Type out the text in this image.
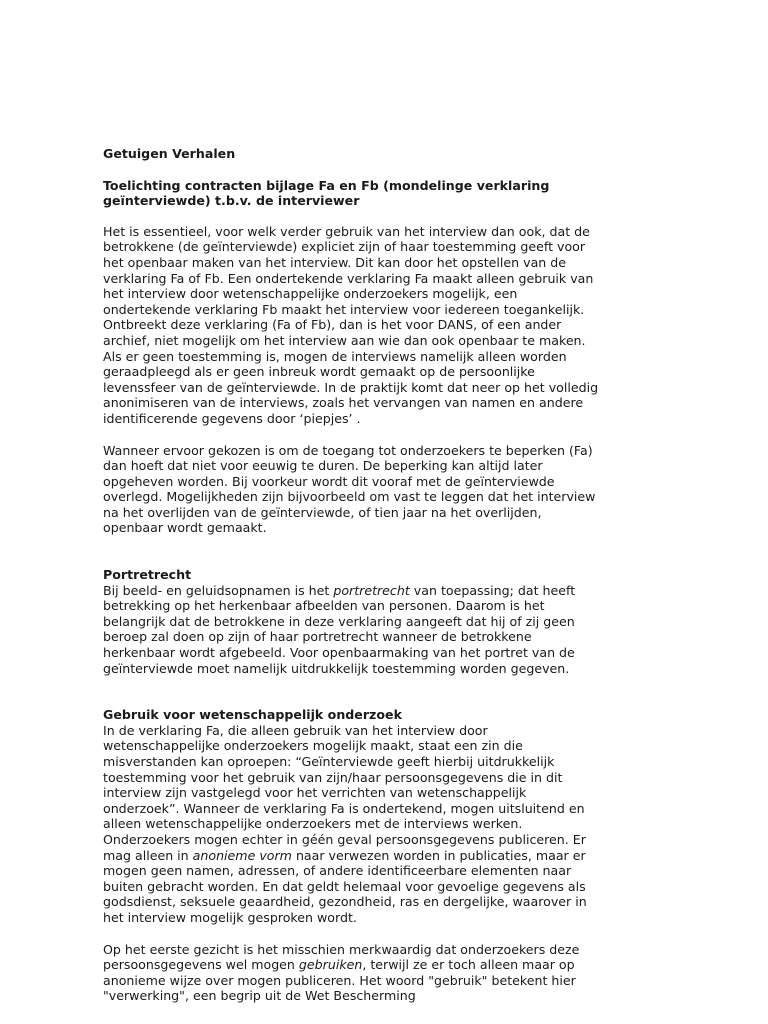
Getuigen Verhalen
Toelichting contracten bijlage Fa en Fb (mondelinge verklaring geïnterviewde) t.b.v. de interviewer

Het is essentieel, voor welk verder gebruik van het interview dan ook, dat de betrokkene (de geïnterviewde) expliciet zijn of haar toestemming geeft voor het openbaar maken van het interview. Dit kan door het opstellen van de verklaring Fa of Fb. Een ondertekende verklaring Fa maakt alleen gebruik van het interview door wetenschappelijke onderzoekers mogelijk, een ondertekende verklaring Fb maakt het interview voor iedereen toegankelijk. Ontbreekt deze verklaring (Fa of Fb), dan is het voor DANS, of een ander archief, niet mogelijk om het interview aan wie dan ook openbaar te maken. Als er geen toestemming is, mogen de interviews namelijk alleen worden geraadpleegd als er geen inbreuk wordt gemaakt op de persoonlijke levenssfeer van de geïnterviewde. In de praktijk komt dat neer op het volledig anonimiseren van de interviews, zoals het vervangen van namen en andere identificerende gegevens door ‘piepjes’ .

Wanneer ervoor gekozen is om de toegang tot onderzoekers te beperken (Fa) dan hoeft dat niet voor eeuwig te duren. De beperking kan altijd later opgeheven worden. Bij voorkeur wordt dit vooraf met de geïnterviewde overlegd. Mogelijkheden zijn bijvoorbeeld om vast te leggen dat het interview na het overlijden van de geïnterviewde, of tien jaar na het overlijden, openbaar wordt gemaakt.

Portretrecht

Bij beeld- en geluidsopnamen is het portretrecht van toepassing; dat heeft betrekking op het herkenbaar afbeelden van personen. Daarom is het belangrijk dat de betrokkene in deze verklaring aangeeft dat hij of zij geen beroep zal doen op zijn of haar portretrecht wanneer de betrokkene herkenbaar wordt afgebeeld. Voor openbaarmaking van het portret van de geïnterviewde moet namelijk uitdrukkelijk toestemming worden gegeven.

Gebruik voor wetenschappelijk onderzoek

In de verklaring Fa, die alleen gebruik van het interview door wetenschappelijke onderzoekers mogelijk maakt, staat een zin die misverstanden kan oproepen: “Geïnterviewde geeft hierbij uitdrukkelijk toestemming voor het gebruik van zijn/haar persoonsgegevens die in dit interview zijn vastgelegd voor het verrichten van wetenschappelijk onderzoek”. Wanneer de verklaring Fa is ondertekend, mogen uitsluitend en alleen wetenschappelijke onderzoekers met de interviews werken. Onderzoekers mogen echter in géén geval persoonsgegevens publiceren. Er mag alleen in anonieme vorm naar verwezen worden in publicaties, maar er mogen geen namen, adressen, of andere identificeerbare elementen naar buiten gebracht worden. En dat geldt helemaal voor gevoelige gegevens als godsdienst, seksuele geaardheid, gezondheid, ras en dergelijke, waarover in het interview mogelijk gesproken wordt.

Op het eerste gezicht is het misschien merkwaardig dat onderzoekers deze persoonsgegevens wel mogen gebruiken, terwijl ze er toch alleen maar op anonieme wijze over mogen publiceren. Het woord "gebruik" betekent hier "verwerking", een begrip uit de Wet Bescherming
